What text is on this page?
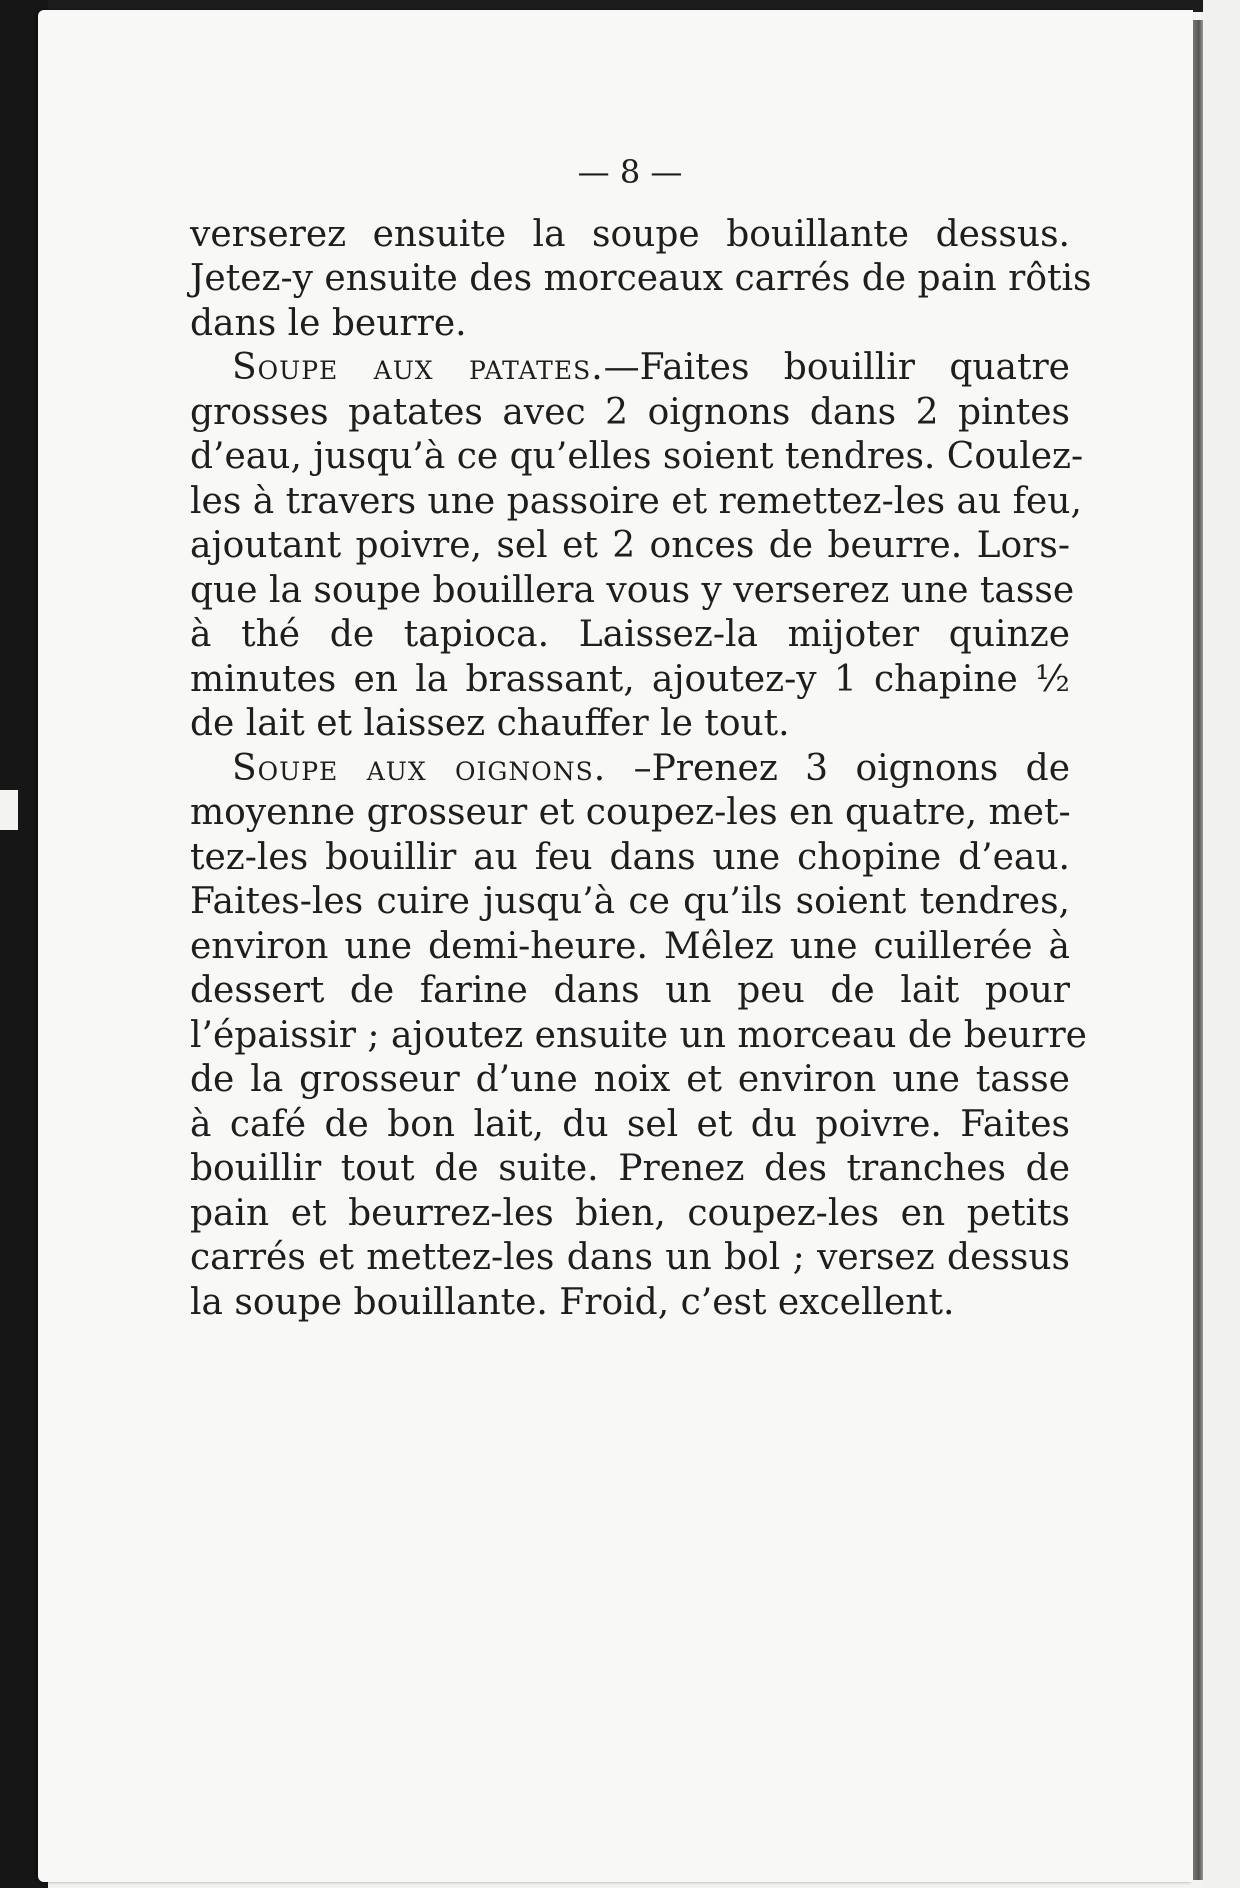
— 8 —

verserez ensuite la soupe bouillante dessus.
Jetez-y ensuite des morceaux carrés de pain rôtis
dans le beurre.

Soupe aux patates.—Faites bouillir quatre
grosses patates avec 2 oignons dans 2 pintes
d’eau, jusqu’à ce qu’elles soient tendres. Coulez-
les à travers une passoire et remettez-les au feu,
ajoutant poivre, sel et 2 onces de beurre. Lors-
que la soupe bouillera vous y verserez une tasse
à thé de tapioca. Laissez-la mijoter quinze
minutes en la brassant, ajoutez-y 1 chapine ½
de lait et laissez chauffer le tout.

Soupe aux oignons. –Prenez 3 oignons de
moyenne grosseur et coupez-les en quatre, met-
tez-les bouillir au feu dans une chopine d’eau.
Faites-les cuire jusqu’à ce qu’ils soient tendres,
environ une demi-heure. Mêlez une cuillerée à
dessert de farine dans un peu de lait pour
l’épaissir ; ajoutez ensuite un morceau de beurre
de la grosseur d’une noix et environ une tasse
à café de bon lait, du sel et du poivre. Faites
bouillir tout de suite. Prenez des tranches de
pain et beurrez-les bien, coupez-les en petits
carrés et mettez-les dans un bol ; versez dessus
la soupe bouillante. Froid, c’est excellent.
